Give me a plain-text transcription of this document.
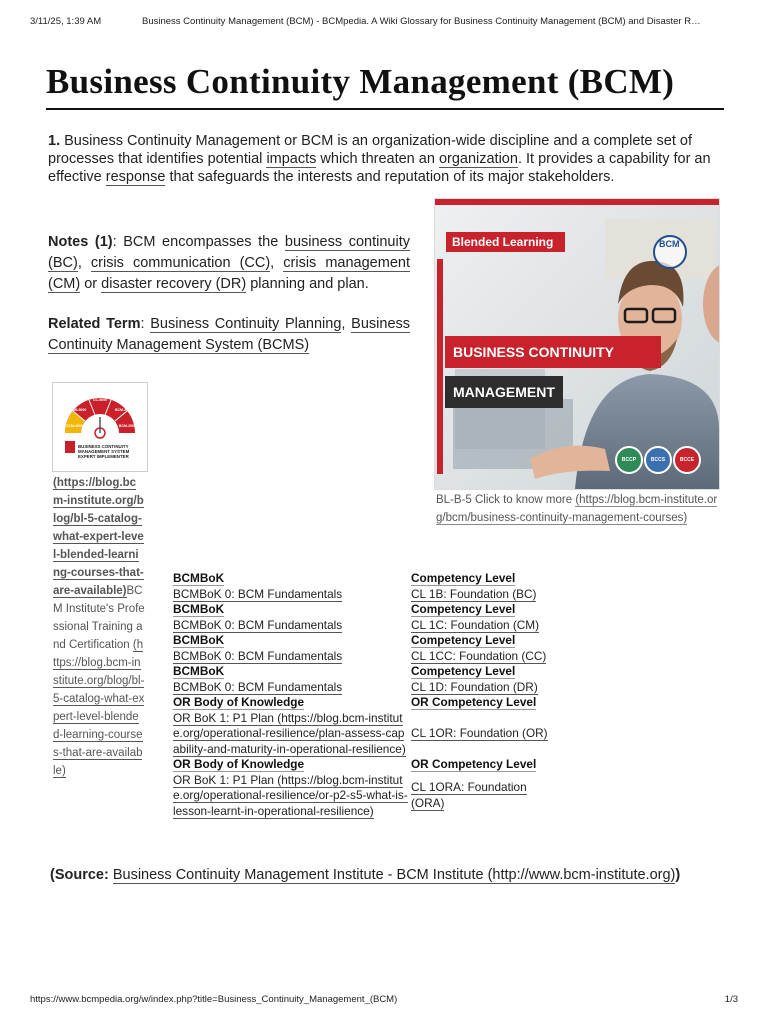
3/11/25, 1:39 AM	Business Continuity Management (BCM) - BCMpedia. A Wiki Glossary for Business Continuity Management (BCM) and Disaster R…
Business Continuity Management (BCM)
1. Business Continuity Management or BCM is an organization-wide discipline and a complete set of processes that identifies potential impacts which threaten an organization. It provides a capability for an effective response that safeguards the interests and reputation of its major stakeholders.
Notes (1): BCM encompasses the business continuity (BC), crisis communication (CC), crisis management (CM) or disaster recovery (DR) planning and plan.
Related Term: Business Continuity Planning, Business Continuity Management System (BCMS)
Blended Learning	BCM
BUSINESS CONTINUITY
MANAGEMENT
BCCP	BCCS	BCCE
BL-B-5 Click to know more (https://blog.bcm-institute.org/bcm/business-continuity-management-courses)
CCM-4000
CIM-5000
CC-5000
BCM-3000
BCM-2000
BUSINESS CONTINUITY
MANAGEMENT SYSTEM
EXPERT IMPLEMENTER
(https://blog.bcm-institute.org/blog/bl-5-catalog-what-expert-level-blended-learning-courses-that-are-available)BCM Institute's Professional Training and Certification (https://blog.bcm-institute.org/blog/bl-5-catalog-what-expert-level-blended-learning-courses-that-are-available)
BCMBoK	Competency Level
BCMBoK 0: BCM Fundamentals	CL 1B: Foundation (BC)
BCMBoK	Competency Level
BCMBoK 0: BCM Fundamentals	CL 1C: Foundation (CM)
BCMBoK	Competency Level
BCMBoK 0: BCM Fundamentals	CL 1CC: Foundation (CC)
BCMBoK	Competency Level
BCMBoK 0: BCM Fundamentals	CL 1D: Foundation (DR)
OR Body of Knowledge	OR Competency Level
OR BoK 1: P1 Plan (https://blog.bcm-institute.org/operational-resilience/plan-assess-capability-and-maturity-in-operational-resilience)	CL 1OR: Foundation (OR)
OR Body of Knowledge	OR Competency Level
OR BoK 1: P1 Plan (https://blog.bcm-institute.org/operational-resilience/or-p2-s5-what-is-lesson-learnt-in-operational-resilience)	CL 1ORA: Foundation (ORA)
(Source: Business Continuity Management Institute - BCM Institute (http://www.bcm-institute.org))
https://www.bcmpedia.org/w/index.php?title=Business_Continuity_Management_(BCM)	1/3
